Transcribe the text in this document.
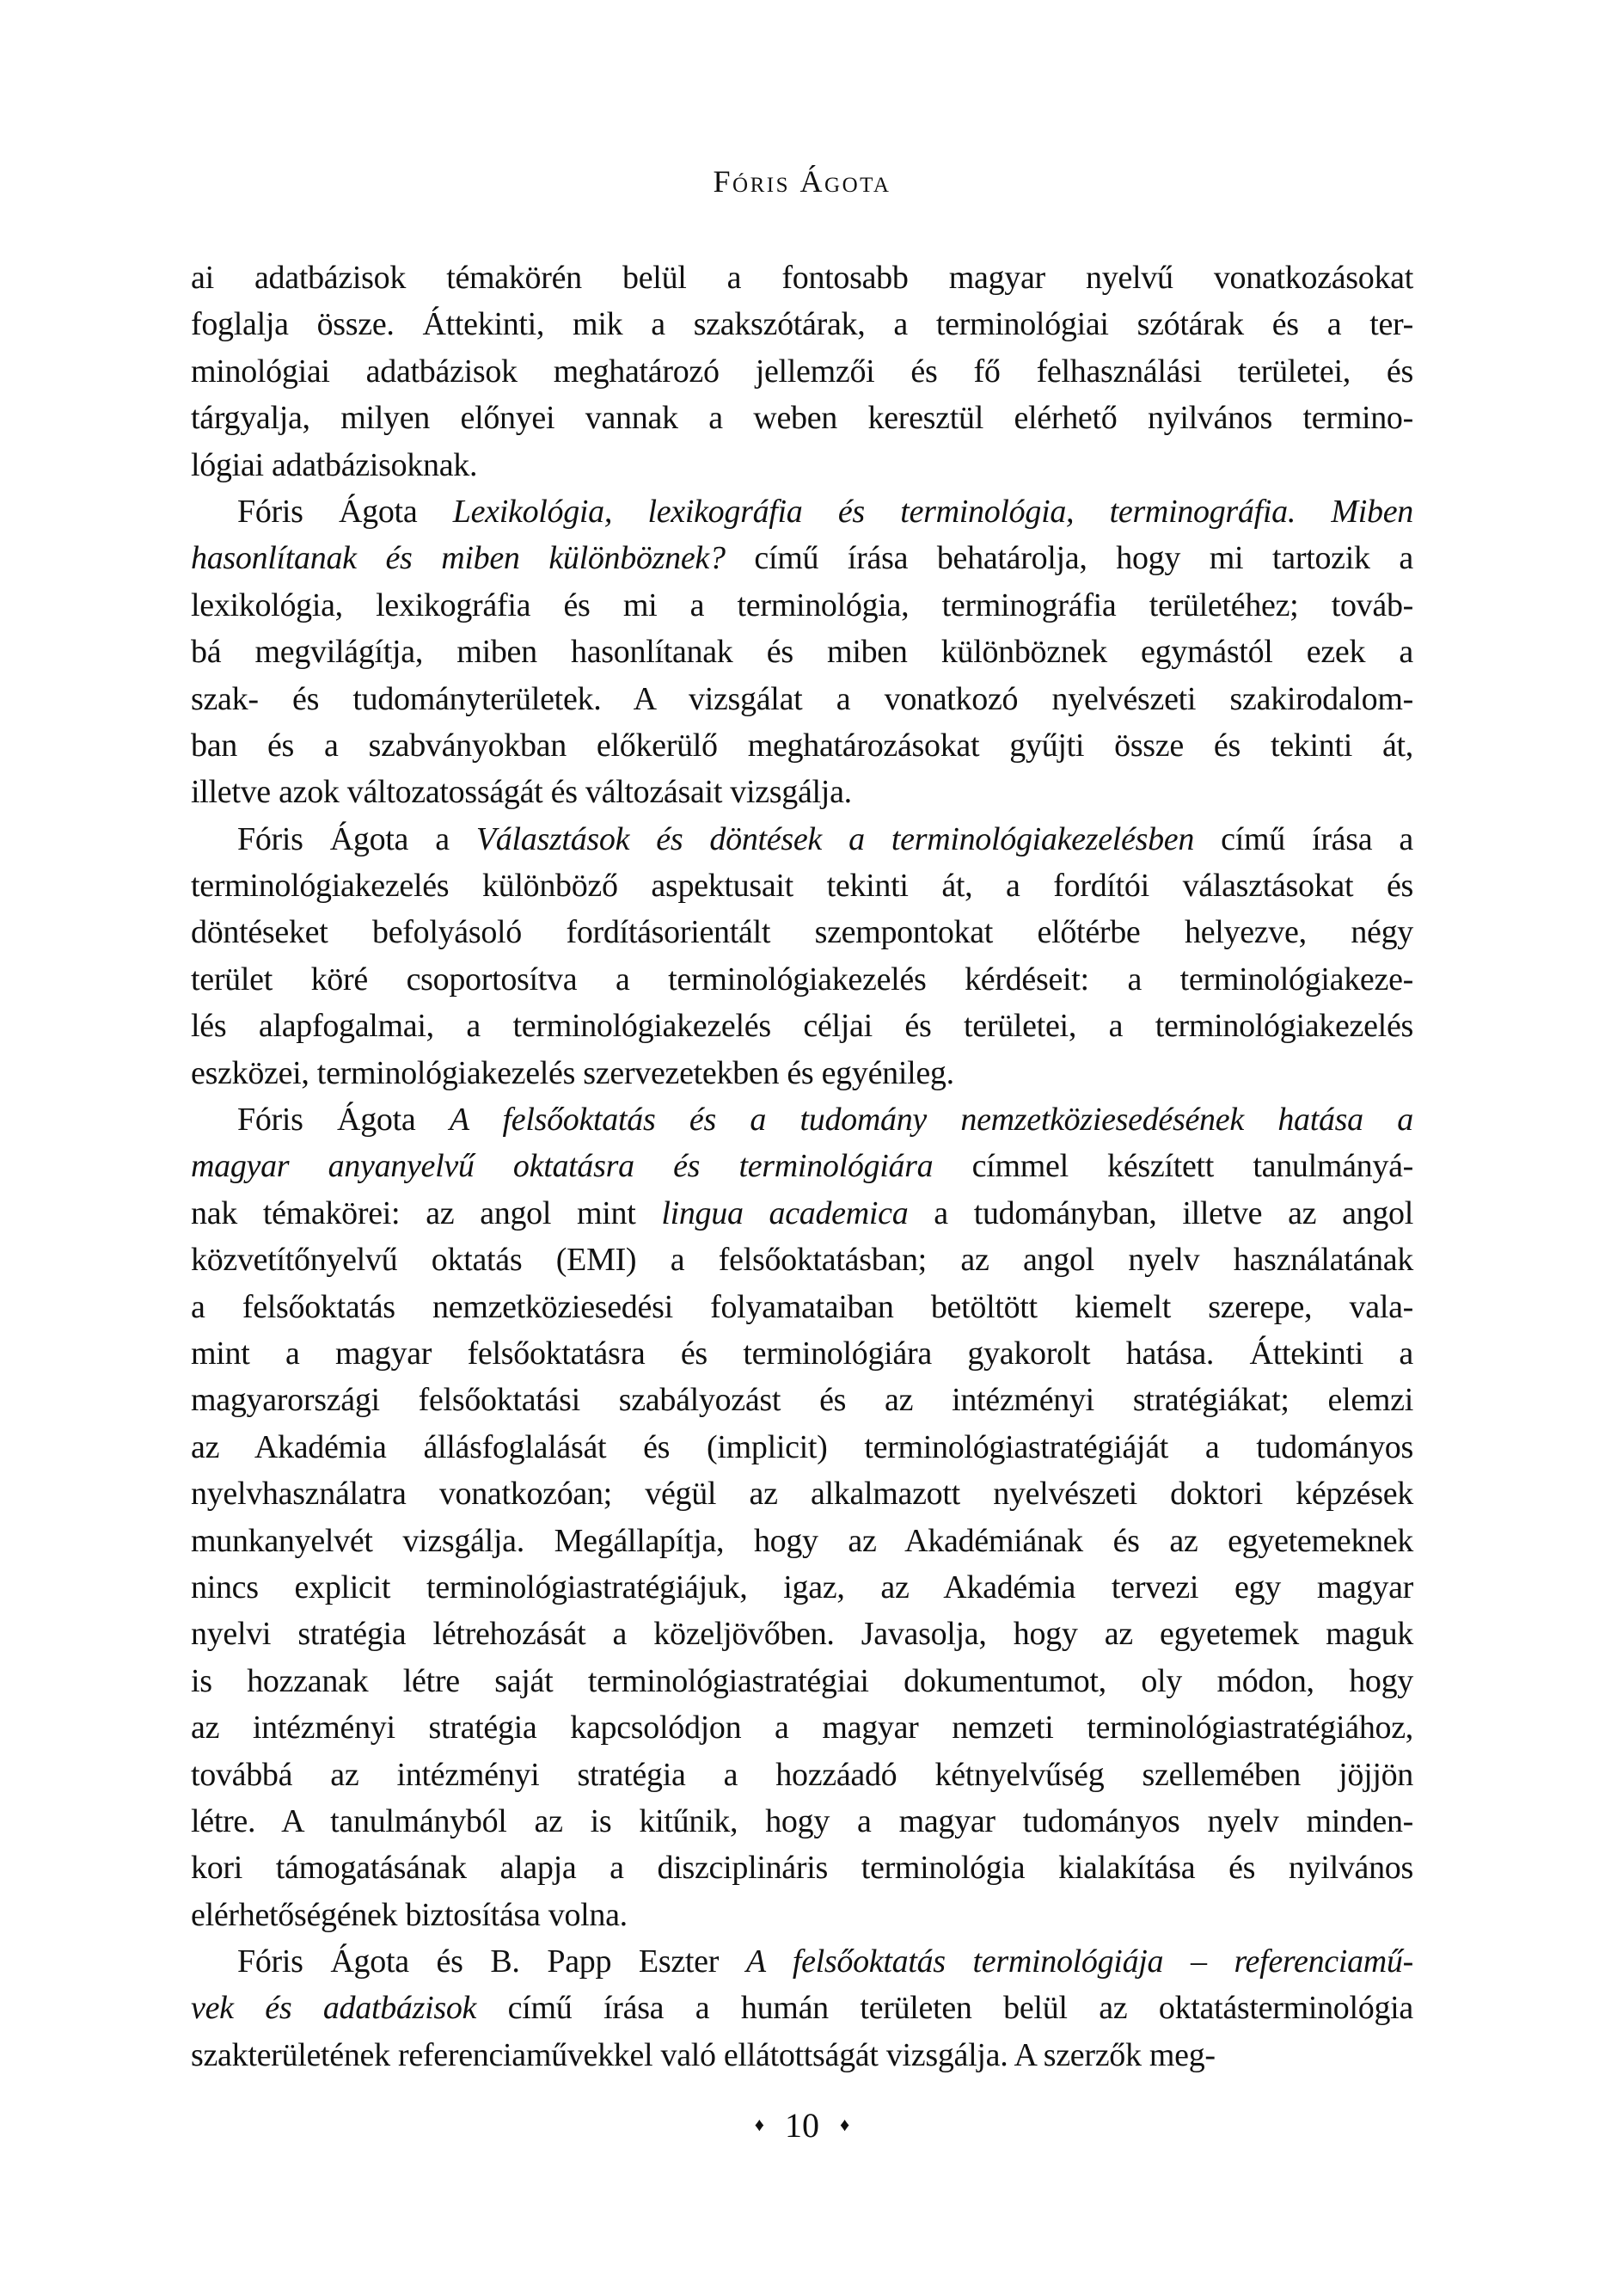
Fóris Ágota
ai adatbázisok témakörén belül a fontosabb magyar nyelvű vonatkozásokat
foglalja össze. Áttekinti, mik a szakszótárak, a terminológiai szótárak és a ter-
minológiai adatbázisok meghatározó jellemzői és fő felhasználási területei, és
tárgyalja, milyen előnyei vannak a weben keresztül elérhető nyilvános termino-
lógiai adatbázisoknak.
Fóris Ágota Lexikológia, lexikográfia és terminológia, terminográfia. Miben
hasonlítanak és miben különböznek? című írása behatárolja, hogy mi tartozik a
lexikológia, lexikográfia és mi a terminológia, terminográfia területéhez; továb-
bá megvilágítja, miben hasonlítanak és miben különböznek egymástól ezek a
szak- és tudományterületek. A vizsgálat a vonatkozó nyelvészeti szakirodalom-
ban és a szabványokban előkerülő meghatározásokat gyűjti össze és tekinti át,
illetve azok változatosságát és változásait vizsgálja.
Fóris Ágota a Választások és döntések a terminológiakezelésben című írása a
terminológiakezelés különböző aspektusait tekinti át, a fordítói választásokat és
döntéseket befolyásoló fordításorientált szempontokat előtérbe helyezve, négy
terület köré csoportosítva a terminológiakezelés kérdéseit: a terminológiakeze-
lés alapfogalmai, a terminológiakezelés céljai és területei, a terminológiakezelés
eszközei, terminológiakezelés szervezetekben és egyénileg.
Fóris Ágota A felsőoktatás és a tudomány nemzetköziesedésének hatása a
magyar anyanyelvű oktatásra és terminológiára címmel készített tanulmányá-
nak témakörei: az angol mint lingua academica a tudományban, illetve az angol
közvetítőnyelvű oktatás (EMI) a felsőoktatásban; az angol nyelv használatának
a felsőoktatás nemzetköziesedési folyamataiban betöltött kiemelt szerepe, vala-
mint a magyar felsőoktatásra és terminológiára gyakorolt hatása. Áttekinti a
magyarországi felsőoktatási szabályozást és az intézményi stratégiákat; elemzi
az Akadémia állásfoglalását és (implicit) terminológiastratégiáját a tudományos
nyelvhasználatra vonatkozóan; végül az alkalmazott nyelvészeti doktori képzések
munkanyelvét vizsgálja. Megállapítja, hogy az Akadémiának és az egyetemeknek
nincs explicit terminológiastratégiájuk, igaz, az Akadémia tervezi egy magyar
nyelvi stratégia létrehozását a közeljövőben. Javasolja, hogy az egyetemek maguk
is hozzanak létre saját terminológiastratégiai dokumentumot, oly módon, hogy
az intézményi stratégia kapcsolódjon a magyar nemzeti terminológiastratégiához,
továbbá az intézményi stratégia a hozzáadó kétnyelvűség szellemében jöjjön
létre. A tanulmányból az is kitűnik, hogy a magyar tudományos nyelv minden-
kori támogatásának alapja a diszciplináris terminológia kialakítása és nyilvános
elérhetőségének biztosítása volna.
Fóris Ágota és B. Papp Eszter A felsőoktatás terminológiája – referenciamű-
vek és adatbázisok című írása a humán területen belül az oktatásterminológia
szakterületének referenciaművekkel való ellátottságát vizsgálja. A szerzők meg-
♦ 10 ♦
